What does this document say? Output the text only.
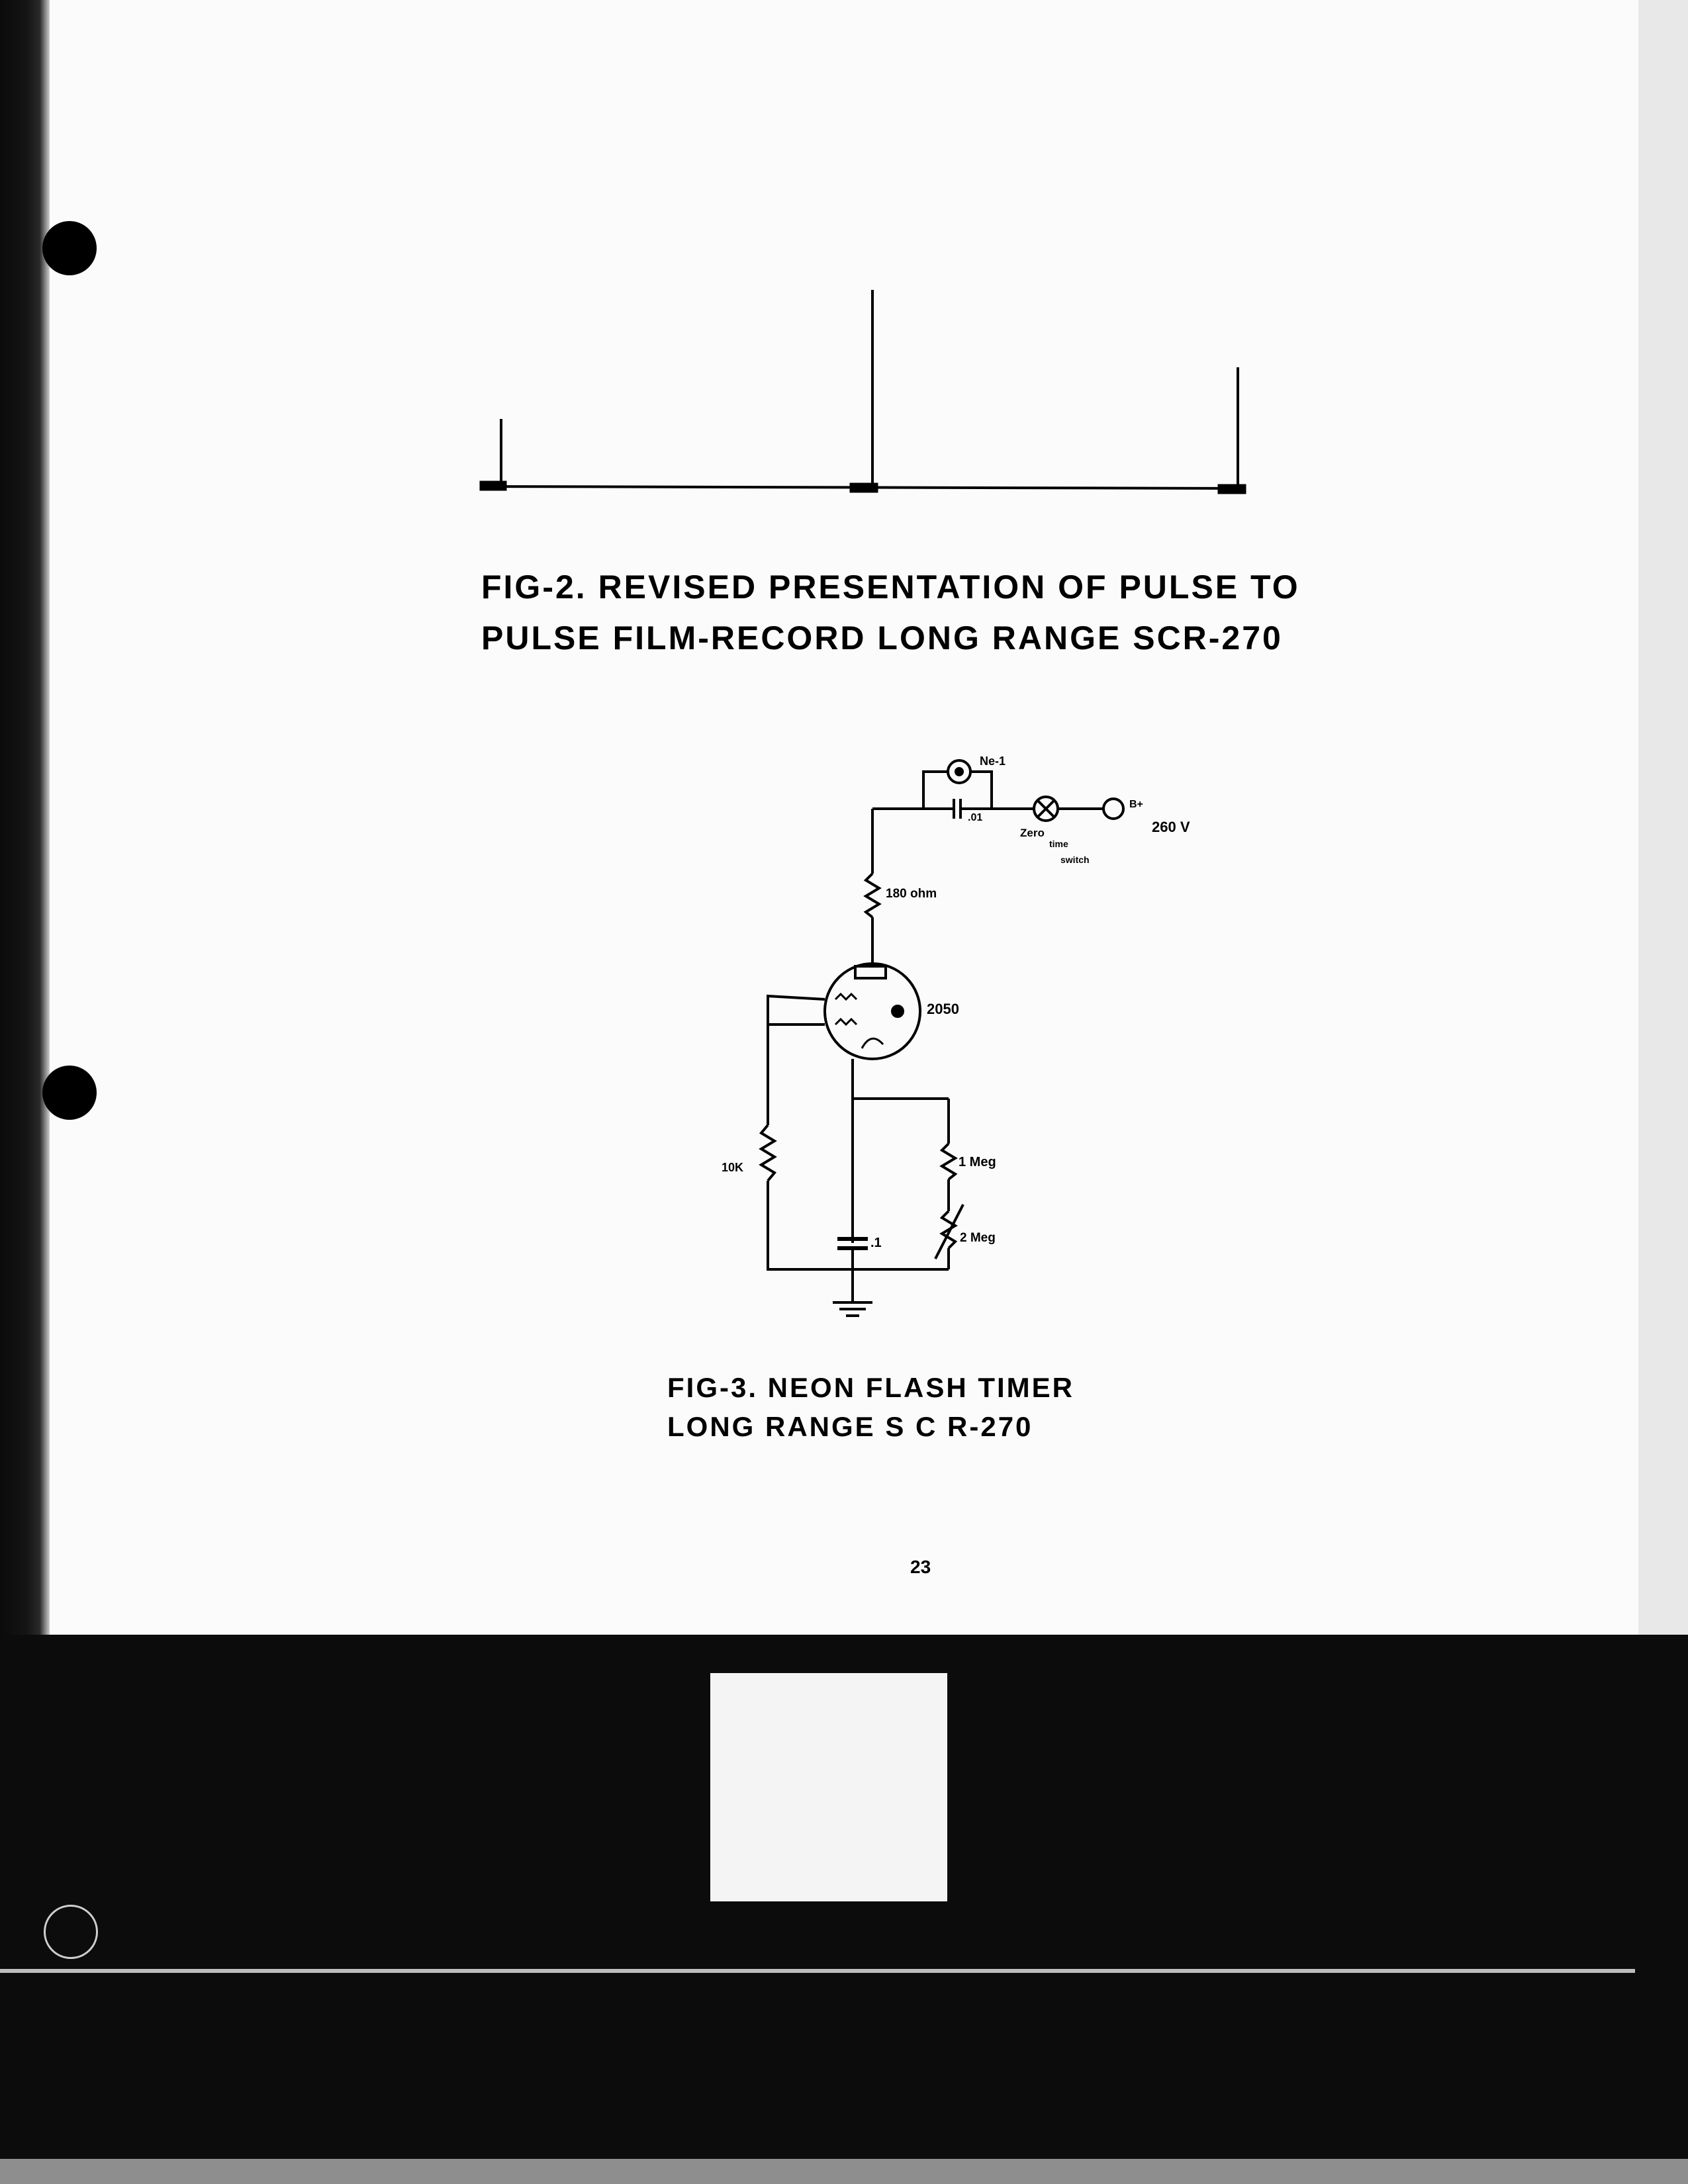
FIG-2. REVISED PRESENTATION OF PULSE TO

PULSE FILM-RECORD LONG RANGE SCR-270

Ne-1
.01
B+
260 V
Zero
time
switch
180 ohm
2050
10K	1 Meg
.1	2 Meg

FIG-3. NEON FLASH TIMER

LONG RANGE S C R-270

23
